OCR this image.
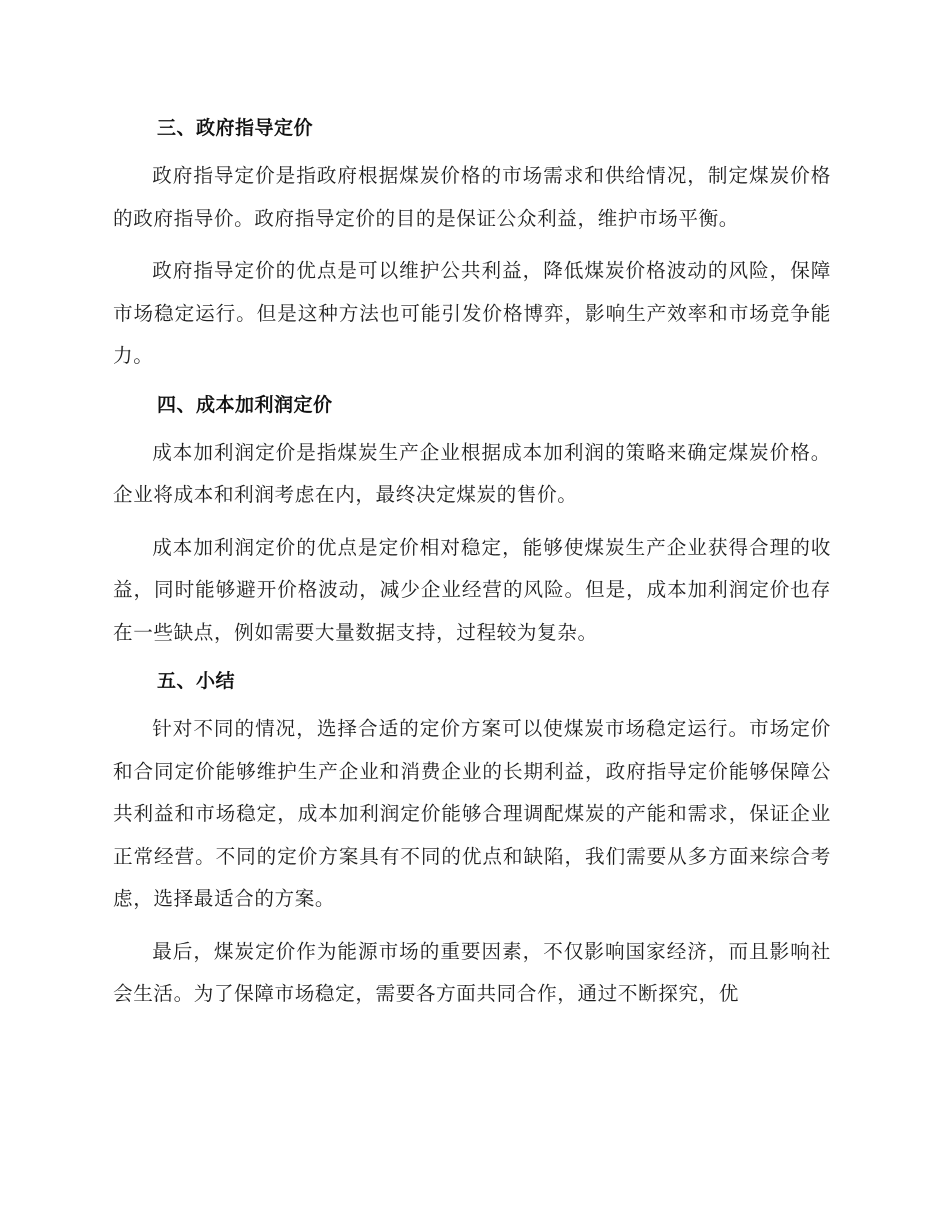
三、政府指导定价

政府指导定价是指政府根据煤炭价格的市场需求和供给情况，制定煤炭价格的政府指导价。政府指导定价的目的是保证公众利益，维护市场平衡。

政府指导定价的优点是可以维护公共利益，降低煤炭价格波动的风险，保障市场稳定运行。但是这种方法也可能引发价格博弈，影响生产效率和市场竞争能力。

四、成本加利润定价

成本加利润定价是指煤炭生产企业根据成本加利润的策略来确定煤炭价格。企业将成本和利润考虑在内，最终决定煤炭的售价。

成本加利润定价的优点是定价相对稳定，能够使煤炭生产企业获得合理的收益，同时能够避开价格波动，减少企业经营的风险。但是，成本加利润定价也存在一些缺点，例如需要大量数据支持，过程较为复杂。

五、小结

针对不同的情况，选择合适的定价方案可以使煤炭市场稳定运行。市场定价和合同定价能够维护生产企业和消费企业的长期利益，政府指导定价能够保障公共利益和市场稳定，成本加利润定价能够合理调配煤炭的产能和需求，保证企业正常经营。不同的定价方案具有不同的优点和缺陷，我们需要从多方面来综合考虑，选择最适合的方案。

最后，煤炭定价作为能源市场的重要因素，不仅影响国家经济，而且影响社会生活。为了保障市场稳定，需要各方面共同合作，通过不断探究，优
